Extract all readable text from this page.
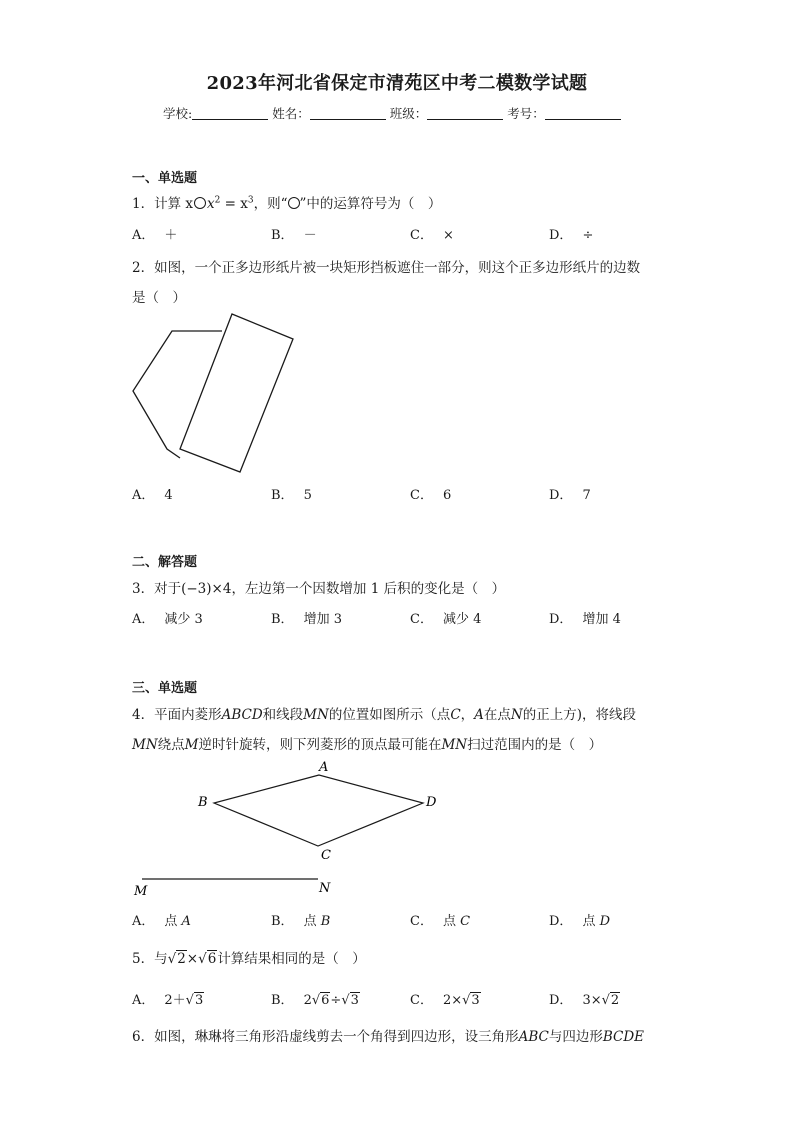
2023年河北省保定市清苑区中考二模数学试题
学校:	姓名：	班级：	考号：
一、单选题
1．计算 x $x^2 = x^3$，则“ ”中的运算符号为（　）
A． ＋	B． －	C． ×	D． ÷
2．如图，一个正多边形纸片被一块矩形挡板遮住一部分，则这个正多边形纸片的边数
是（　）
A． 4	B． 5	C． 6	D． 7
二、解答题
3．对于(−3)×4，左边第一个因数增加 1 后积的变化是（　）
A． 减少 3	B． 增加 3	C． 减少 4	D． 增加 4
三、单选题
4．平面内菱形ABCD和线段MN的位置如图所示（点C，A在点N的正上方)，将线段
MN绕点M逆时针旋转，则下列菱形的顶点最可能在MN扫过范围内的是（　）
A
B
C
D
M	N
A． 点 A	B． 点 B	C． 点 C	D． 点 D
5．与√2×√6计算结果相同的是（　）
A． 2＋√3	B． 2√6÷√3	C． 2×√3	D． 3×√2
6．如图，琳琳将三角形沿虚线剪去一个角得到四边形，设三角形ABC与四边形BCDE
